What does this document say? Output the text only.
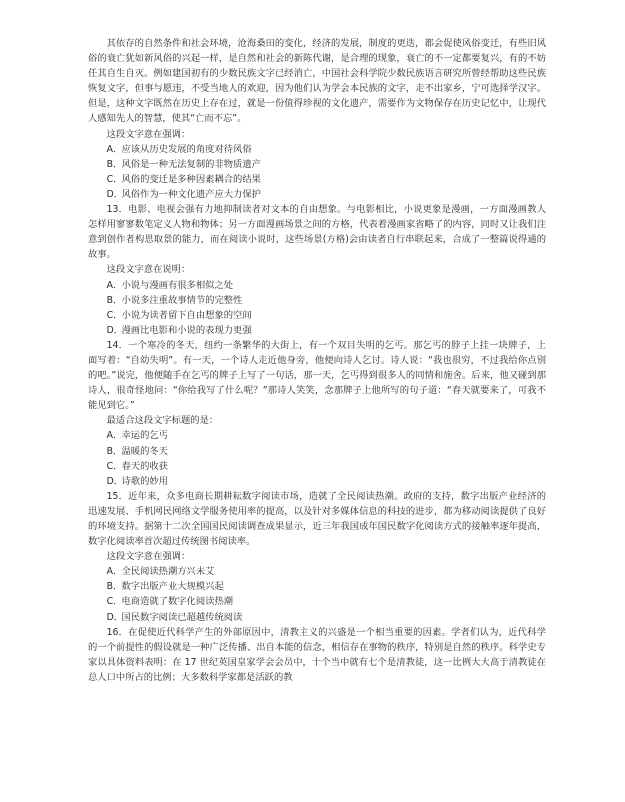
其依存的自然条件和社会环境，沧海桑田的变化，经济的发展，制度的更迭，都会促使风俗变迁，有些旧风俗的衰亡犹如新风俗的兴起一样，是自然和社会的新陈代谢，是合理的现象，衰亡的不一定都要复兴，有的不妨任其自生自灭。例如建国初有的少数民族文字已经消亡，中国社会科学院少数民族语言研究所曾经帮助这些民族恢复文字，但事与愿违，不受当地人的欢迎，因为他们认为学会本民族的文字，走不出家乡，宁可选择学汉字。但是，这种文字既然在历史上存在过，就是一份值得珍视的文化遗产，需要作为文物保存在历史记忆中，让现代人感知先人的智慧，使其“亡而不忘”。

这段文字意在强调：

A．应该从历史发展的角度对待风俗
B．风俗是一种无法复制的非物质遗产
C．风俗的变迁是多种因素耦合的结果
D．风俗作为一种文化遗产应大力保护

13．电影、电视会强有力地抑制读者对文本的自由想象。与电影相比，小说更象是漫画，一方面漫画教人怎样用寥寥数笔定义人物和物体；另一方面漫画场景之间的方格，代表着漫画家省略了的内容，同时又让我们注意到创作者构思取景的能力，而在阅读小说时，这些场景(方格)会由读者自行串联起来，合成了一整篇说得通的故事。

这段文字意在说明：

A．小说与漫画有很多相似之处
B．小说多注重故事情节的完整性
C．小说为读者留下自由想象的空间
D．漫画比电影和小说的表现力更强

14．一个寒冷的冬天，纽约一条繁华的大街上，有一个双目失明的乞丐。那乞丐的脖子上挂一块牌子，上面写着：“自幼失明”。有一天，一个诗人走近他身旁，他便向诗人乞讨。诗人说：“我也很穷，不过我给你点别的吧。”说完，他便随手在乞丐的牌子上写了一句话，那一天，乞丐得到很多人的同情和施舍。后来，他又碰到那诗人，很奇怪地问：“你给我写了什么呢？”那诗人笑笑，念那牌子上他所写的句子道：“春天就要来了，可我不能见到它。”

最适合这段文字标题的是：

A．幸运的乞丐
B．温暖的冬天
C．春天的收获
D．诗歌的妙用

15．近年来，众多电商长期耕耘数字阅读市场，造就了全民阅读热潮。政府的支持，数字出版产业经济的迅速发展、手机网民网络文学服务使用率的提高，以及针对多媒体信息的科技的进步，都为移动阅读提供了良好的环境支持。据第十二次全国国民阅读调查成果显示，近三年我国成年国民数字化阅读方式的接触率逐年提高，数字化阅读率首次超过传统图书阅读率。

这段文字意在强调：

A．全民阅读热潮方兴未艾
B．数字出版产业大规模兴起
C．电商造就了数字化阅读热潮
D．国民数字阅读已超越传统阅读

16．在促使近代科学产生的外部原因中，清教主义的兴盛是一个相当重要的因素。学者们认为，近代科学的一个前提性的假设就是一种广泛传播、出自本能的信念，相信存在事物的秩序，特别是自然的秩序。科学史专家以具体资料表明：在 17 世纪英国皇家学会会员中，十个当中就有七个是清教徒，这一比例大大高于清教徒在总人口中所占的比例；大多数科学家都是活跃的教
